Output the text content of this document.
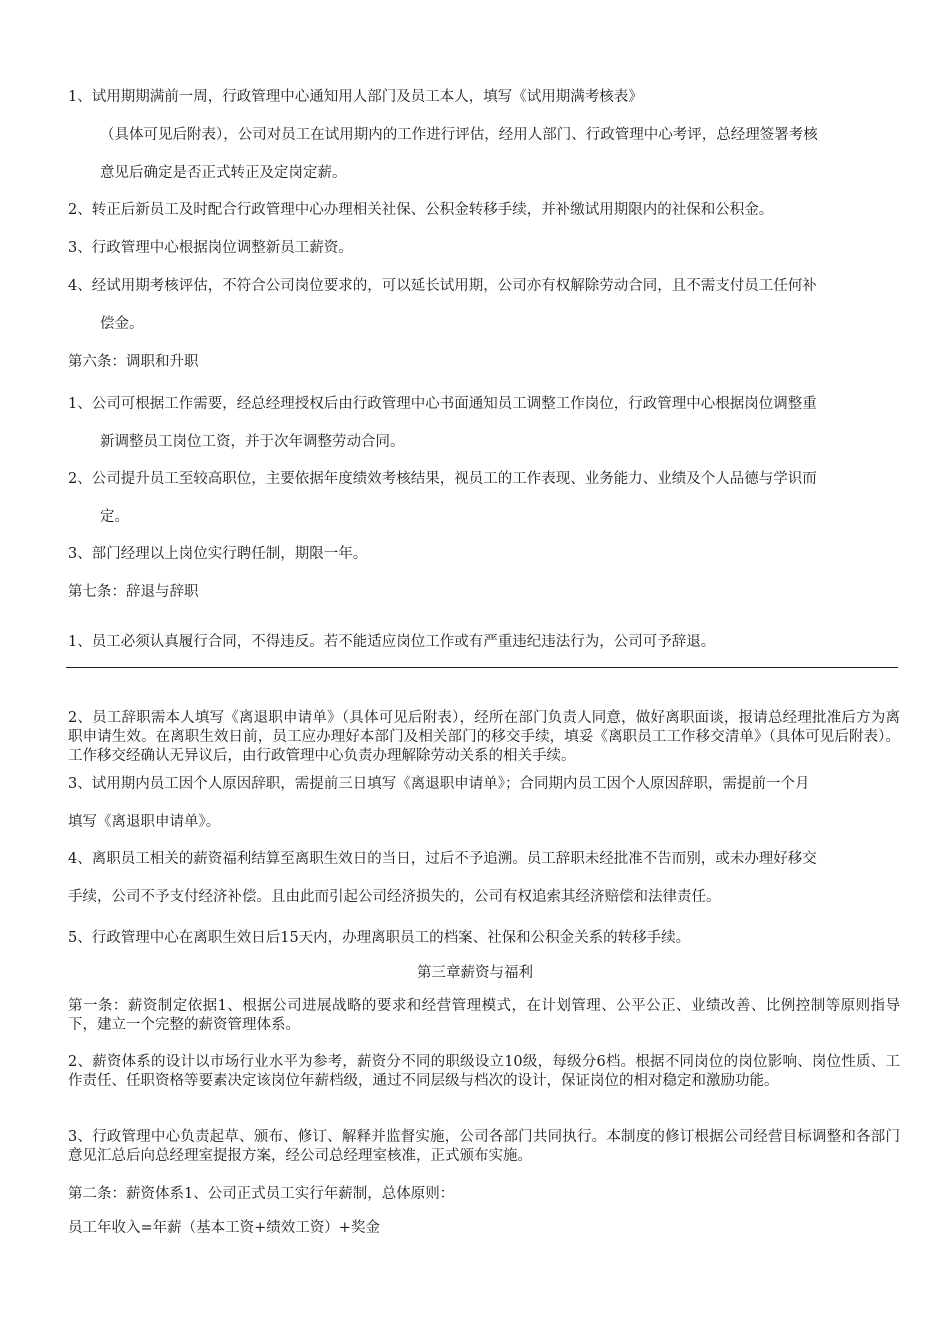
1、试用期期满前一周，行政管理中心通知用人部门及员工本人，填写《试用期满考核表》
（具体可见后附表），公司对员工在试用期内的工作进行评估，经用人部门、行政管理中心考评，总经理签署考核
意见后确定是否正式转正及定岗定薪。
2、转正后新员工及时配合行政管理中心办理相关社保、公积金转移手续，并补缴试用期限内的社保和公积金。
3、行政管理中心根据岗位调整新员工薪资。
4、经试用期考核评估，不符合公司岗位要求的，可以延长试用期，公司亦有权解除劳动合同，且不需支付员工任何补
偿金。
第六条：调职和升职
1、公司可根据工作需要，经总经理授权后由行政管理中心书面通知员工调整工作岗位，行政管理中心根据岗位调整重
新调整员工岗位工资，并于次年调整劳动合同。
2、公司提升员工至较高职位，主要依据年度绩效考核结果，视员工的工作表现、业务能力、业绩及个人品德与学识而
定。
3、部门经理以上岗位实行聘任制，期限一年。
第七条：辞退与辞职
1、员工必须认真履行合同，不得违反。若不能适应岗位工作或有严重违纪违法行为，公司可予辞退。
2、员工辞职需本人填写《离退职申请单》（具体可见后附表），经所在部门负责人同意，做好离职面谈，报请总经理批准后方为离职申请生效。在离职生效日前，员工应办理好本部门及相关部门的移交手续，填妥《离职员工工作移交清单》（具体可见后附表）。工作移交经确认无异议后，由行政管理中心负责办理解除劳动关系的相关手续。
3、试用期内员工因个人原因辞职，需提前三日填写《离退职申请单》；合同期内员工因个人原因辞职，需提前一个月
填写《离退职申请单》。
4、离职员工相关的薪资福利结算至离职生效日的当日，过后不予追溯。员工辞职未经批准不告而别，或未办理好移交
手续，公司不予支付经济补偿。且由此而引起公司经济损失的，公司有权追索其经济赔偿和法律责任。
5、行政管理中心在离职生效日后15天内，办理离职员工的档案、社保和公积金关系的转移手续。
第三章薪资与福利
第一条：薪资制定依据1、根据公司进展战略的要求和经营管理模式，在计划管理、公平公正、业绩改善、比例控制等原则指导下，建立一个完整的薪资管理体系。
2、薪资体系的设计以市场行业水平为参考，薪资分不同的职级设立10级，每级分6档。根据不同岗位的岗位影响、岗位性质、工作责任、任职资格等要素决定该岗位年薪档级，通过不同层级与档次的设计，保证岗位的相对稳定和激励功能。
3、行政管理中心负责起草、颁布、修订、解释并监督实施，公司各部门共同执行。本制度的修订根据公司经营目标调整和各部门意见汇总后向总经理室提报方案，经公司总经理室核准，正式颁布实施。
第二条：薪资体系1、公司正式员工实行年薪制，总体原则：
员工年收入=年薪（基本工资+绩效工资）+奖金
